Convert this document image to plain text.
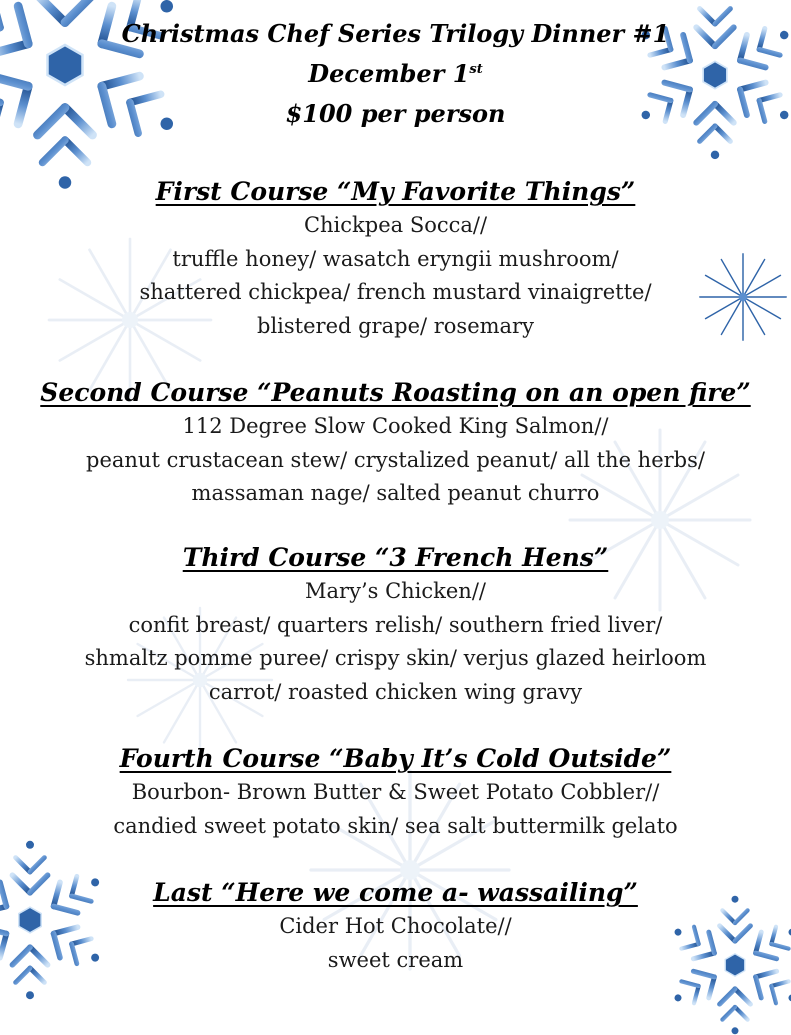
Christmas Chef Series Trilogy Dinner #1

December 1st

$100 per person

First Course “My Favorite Things”

Chickpea Socca//

truffle honey/ wasatch eryngii mushroom/

shattered chickpea/ french mustard vinaigrette/

blistered grape/ rosemary

Second Course “Peanuts Roasting on an open fire”

112 Degree Slow Cooked King Salmon//

peanut crustacean stew/ crystalized peanut/ all the herbs/

massaman nage/ salted peanut churro

Third Course “3 French Hens”

Mary’s Chicken//

confit breast/ quarters relish/ southern fried liver/

shmaltz pomme puree/ crispy skin/ verjus glazed heirloom

carrot/ roasted chicken wing gravy

Fourth Course “Baby It’s Cold Outside”

Bourbon- Brown Butter & Sweet Potato Cobbler//

candied sweet potato skin/ sea salt buttermilk gelato

Last “Here we come a- wassailing”

Cider Hot Chocolate//

sweet cream
